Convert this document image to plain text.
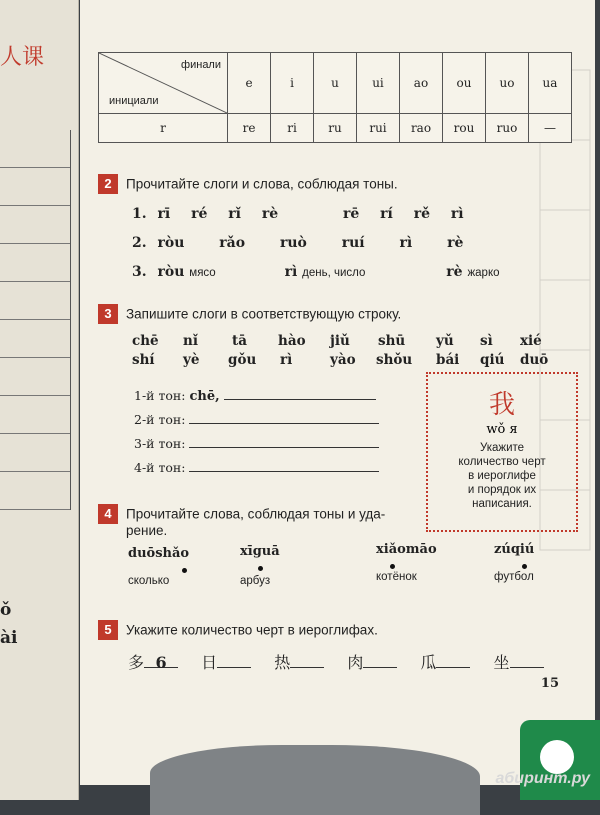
人课
ǒ
ài
финали
инициали	e	i	u	ui	ao	ou	uo	ua
r	re	ri	ru	rui	rao	rou	ruo	—
2 Прочитайте слоги и слова, соблюдая тоны.
1. rī ré rǐ rè	rē rí rě rì
2. ròu rǎo ruò ruí rì rè
3. ròu мясо	rì день, число	rè жарко
3 Запишите слоги в соответствующую строку.
chē nǐ	tā hào jiǔ shū yǔ sì xié
shí yè gǒu rì	yào shǒu bái qiú duō
1-й тон: chē,
2-й тон:
3-й тон:
4-й тон:
我
wǒ я
Укажите
количество черт
в иероглифе
и порядок их
написания.
4 Прочитайте слова, соблюдая тоны и уда-
рение.
duōshǎo
сколько
xīguā
арбуз
xiǎomāo
котёнок
zúqiú
футбол
5 Укажите количество черт в иероглифах.
多 6 日	热	肉	瓜	坐
15
абиринт.ру
